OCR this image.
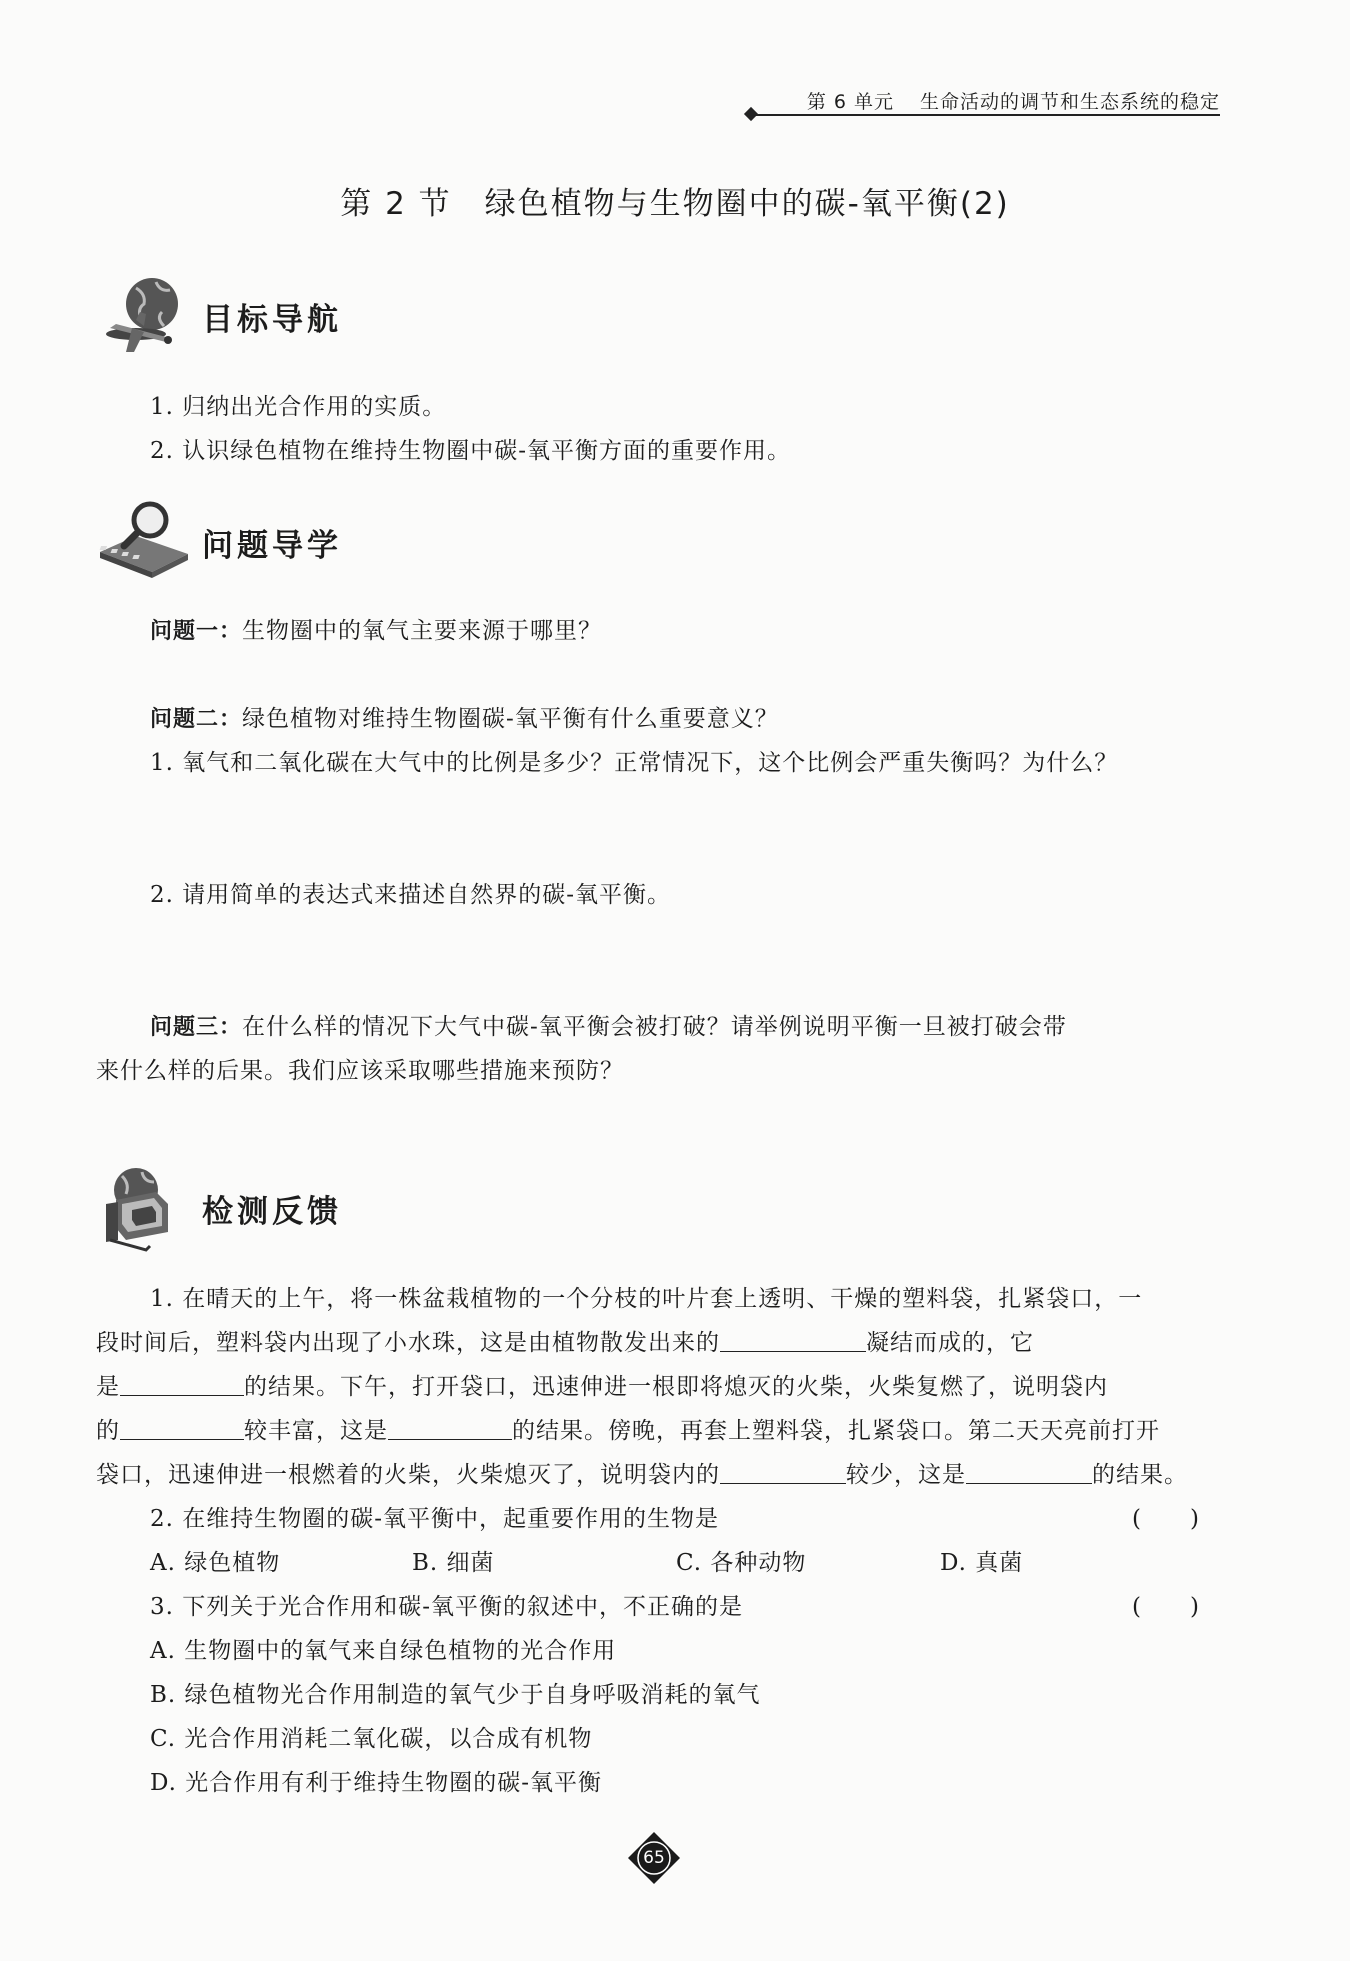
第 6 单元 生命活动的调节和生态系统的稳定
第 2 节　绿色植物与生物圈中的碳-氧平衡(2)
目标导航
1. 归纳出光合作用的实质。
2. 认识绿色植物在维持生物圈中碳-氧平衡方面的重要作用。
问题导学
问题一：生物圈中的氧气主要来源于哪里？
问题二：绿色植物对维持生物圈碳-氧平衡有什么重要意义？
1. 氧气和二氧化碳在大气中的比例是多少？正常情况下，这个比例会严重失衡吗？为什么？
2. 请用简单的表达式来描述自然界的碳-氧平衡。
问题三：在什么样的情况下大气中碳-氧平衡会被打破？请举例说明平衡一旦被打破会带
来什么样的后果。我们应该采取哪些措施来预防？
检测反馈
1. 在晴天的上午，将一株盆栽植物的一个分枝的叶片套上透明、干燥的塑料袋，扎紧袋口，一
段时间后，塑料袋内出现了小水珠，这是由植物散发出来的	凝结而成的，它
是	的结果。下午，打开袋口，迅速伸进一根即将熄灭的火柴，火柴复燃了，说明袋内
的	较丰富，这是	的结果。傍晚，再套上塑料袋，扎紧袋口。第二天天亮前打开
袋口，迅速伸进一根燃着的火柴，火柴熄灭了，说明袋内的	较少，这是	的结果。
2. 在维持生物圈的碳-氧平衡中，起重要作用的生物是	(　　)
A. 绿色植物	B. 细菌	C. 各种动物	D. 真菌
3. 下列关于光合作用和碳-氧平衡的叙述中，不正确的是	(　　)
A. 生物圈中的氧气来自绿色植物的光合作用
B. 绿色植物光合作用制造的氧气少于自身呼吸消耗的氧气
C. 光合作用消耗二氧化碳，以合成有机物
D. 光合作用有利于维持生物圈的碳-氧平衡
65
